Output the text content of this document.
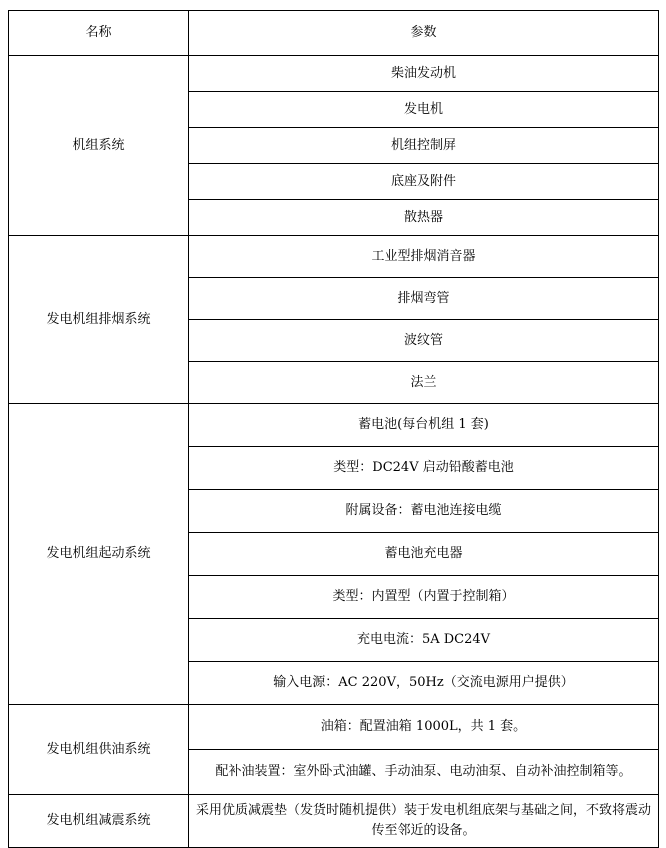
名称	参数
机组系统	柴油发动机
	发电机
	机组控制屏
	底座及附件
	散热器
发电机组排烟系统	工业型排烟消音器
	排烟弯管
	波纹管
	法兰
发电机组起动系统	蓄电池(每台机组 1 套)
	类型：DC24V 启动铅酸蓄电池
	附属设备：蓄电池连接电缆
	蓄电池充电器
	类型：内置型（内置于控制箱）
	充电电流：5A DC24V
	输入电源：AC 220V，50Hz（交流电源用户提供）
发电机组供油系统	油箱：配置油箱 1000L，共 1 套。
	配补油装置：室外卧式油罐、手动油泵、电动油泵、自动补油控制箱等。
发电机组减震系统	采用优质减震垫（发货时随机提供）装于发电机组底架与基础之间，不致将震动传至邻近的设备。
